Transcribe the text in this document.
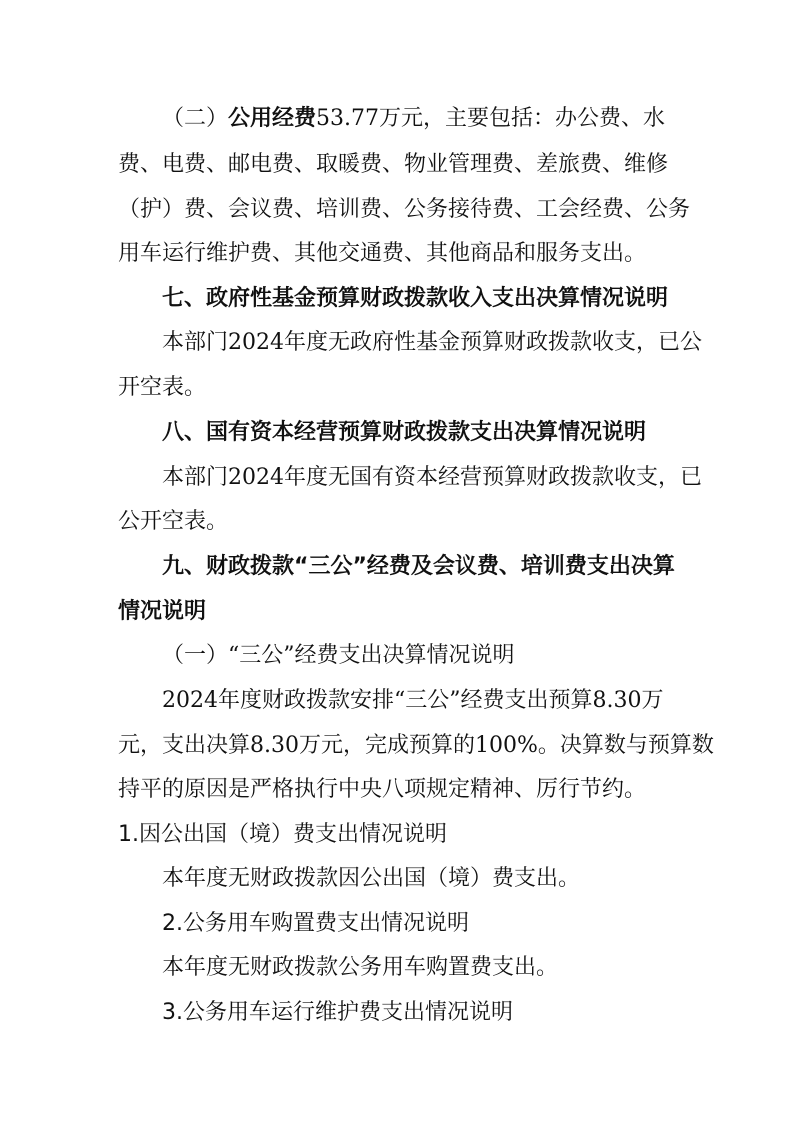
（二）公用经费53.77万元，主要包括：办公费、水
费、电费、邮电费、取暖费、物业管理费、差旅费、维修
（护）费、会议费、培训费、公务接待费、工会经费、公务
用车运行维护费、其他交通费、其他商品和服务支出。
七、政府性基金预算财政拨款收入支出决算情况说明
本部门2024年度无政府性基金预算财政拨款收支，已公
开空表。
八、国有资本经营预算财政拨款支出决算情况说明
本部门2024年度无国有资本经营预算财政拨款收支，已
公开空表。
九、财政拨款“三公”经费及会议费、培训费支出决算
情况说明
（一）“三公”经费支出决算情况说明
2024年度财政拨款安排“三公”经费支出预算8.30万
元，支出决算8.30万元，完成预算的100%。决算数与预算数
持平的原因是严格执行中央八项规定精神、厉行节约。
1.因公出国（境）费支出情况说明
本年度无财政拨款因公出国（境）费支出。
2.公务用车购置费支出情况说明
本年度无财政拨款公务用车购置费支出。
3.公务用车运行维护费支出情况说明
